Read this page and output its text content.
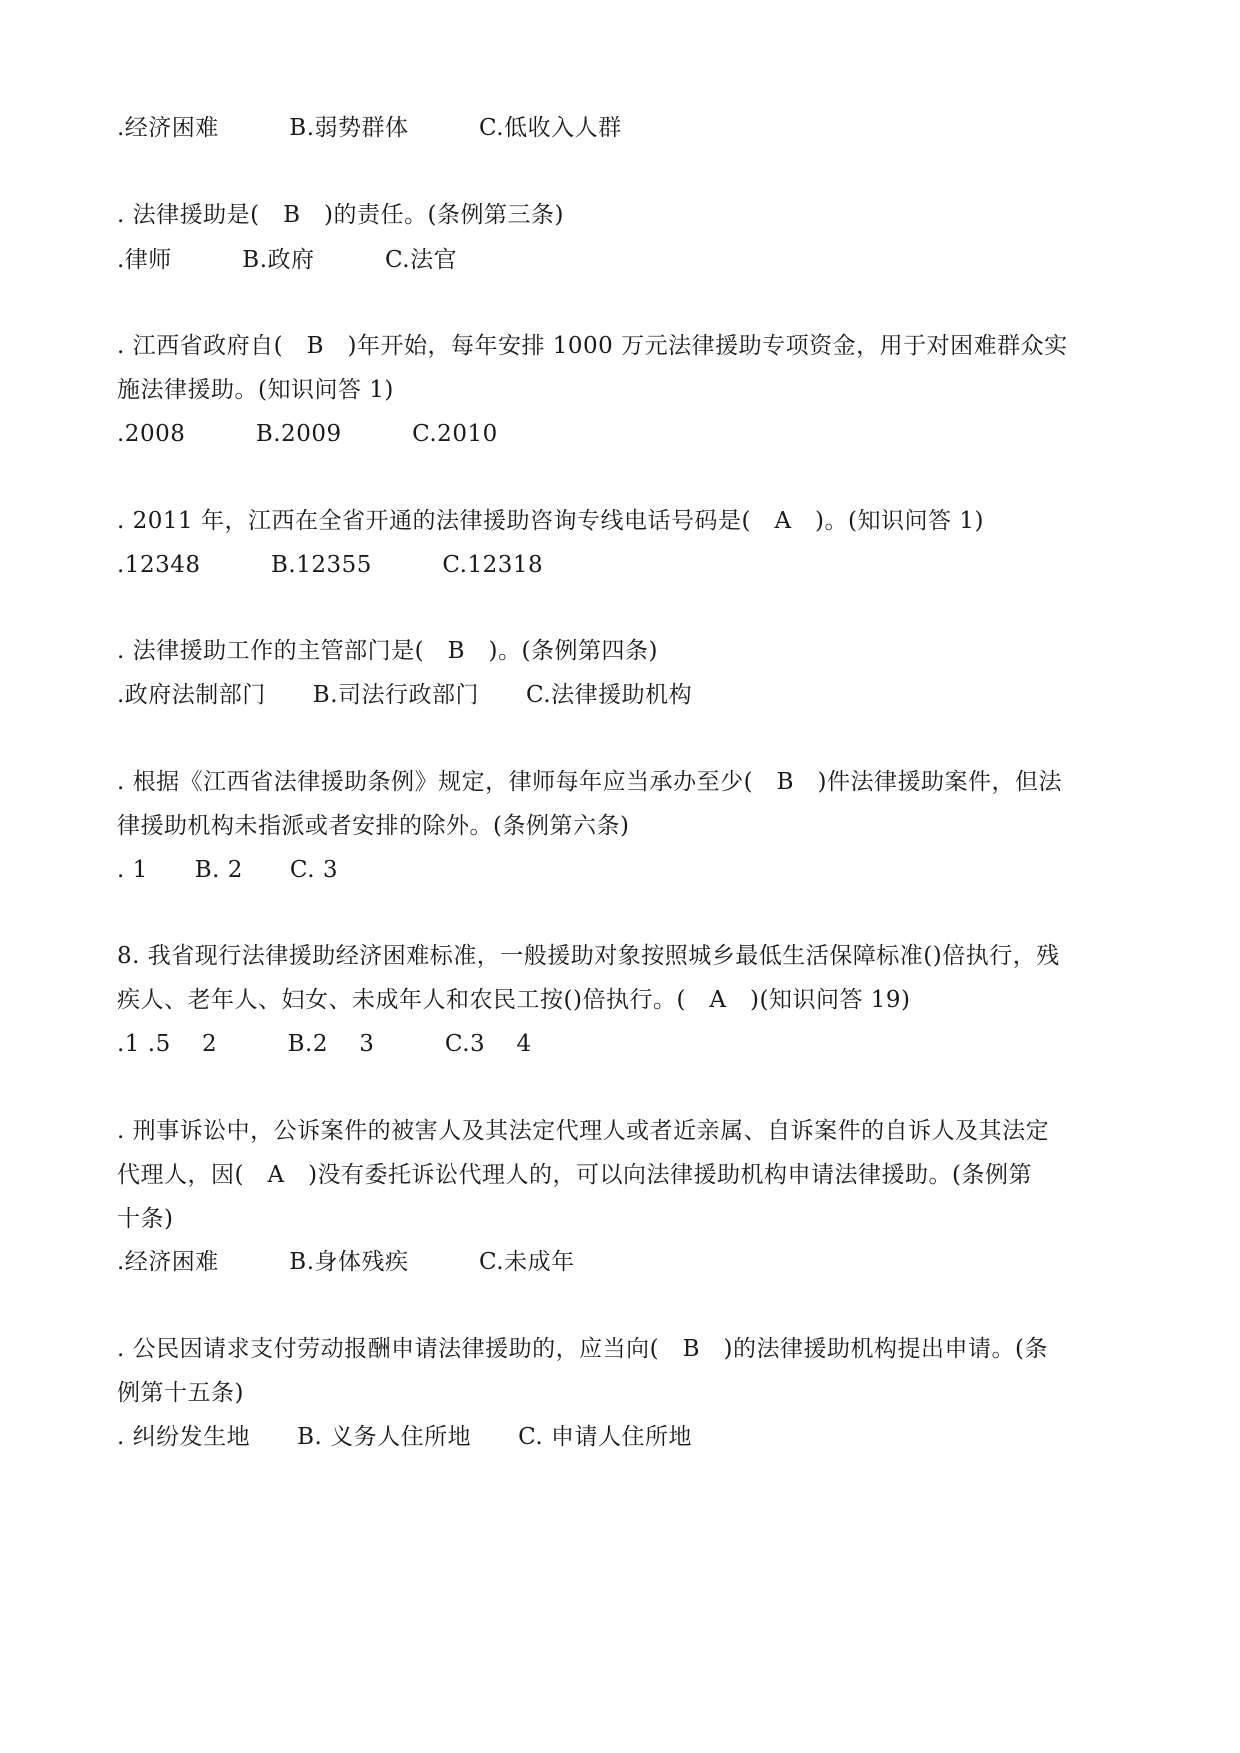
.经济困难　　　B.弱势群体　　　C.低收入人群
. 法律援助是(　B　)的责任。(条例第三条)
.律师　　　B.政府　　　C.法官
. 江西省政府自(　B　)年开始，每年安排 1000 万元法律援助专项资金，用于对困难群众实
施法律援助。(知识问答 1)
.2008　　　B.2009　　　C.2010
. 2011 年，江西在全省开通的法律援助咨询专线电话号码是(　A　)。(知识问答 1)
.12348　　　B.12355　　　C.12318
. 法律援助工作的主管部门是(　B　)。(条例第四条)
.政府法制部门　　B.司法行政部门　　C.法律援助机构
. 根据《江西省法律援助条例》规定，律师每年应当承办至少(　B　)件法律援助案件，但法
律援助机构未指派或者安排的除外。(条例第六条)
. 1　　B. 2　　C. 3
8. 我省现行法律援助经济困难标准，一般援助对象按照城乡最低生活保障标准()倍执行，残
疾人、老年人、妇女、未成年人和农民工按()倍执行。(　A　)(知识问答 19)
.1 .5　 2　　　B.2　 3　　　C.3　 4
. 刑事诉讼中，公诉案件的被害人及其法定代理人或者近亲属、自诉案件的自诉人及其法定
代理人，因(　A　)没有委托诉讼代理人的，可以向法律援助机构申请法律援助。(条例第
十条)
.经济困难　　　B.身体残疾　　　C.未成年
. 公民因请求支付劳动报酬申请法律援助的，应当向(　B　)的法律援助机构提出申请。(条
例第十五条)
. 纠纷发生地　　B. 义务人住所地　　C. 申请人住所地
